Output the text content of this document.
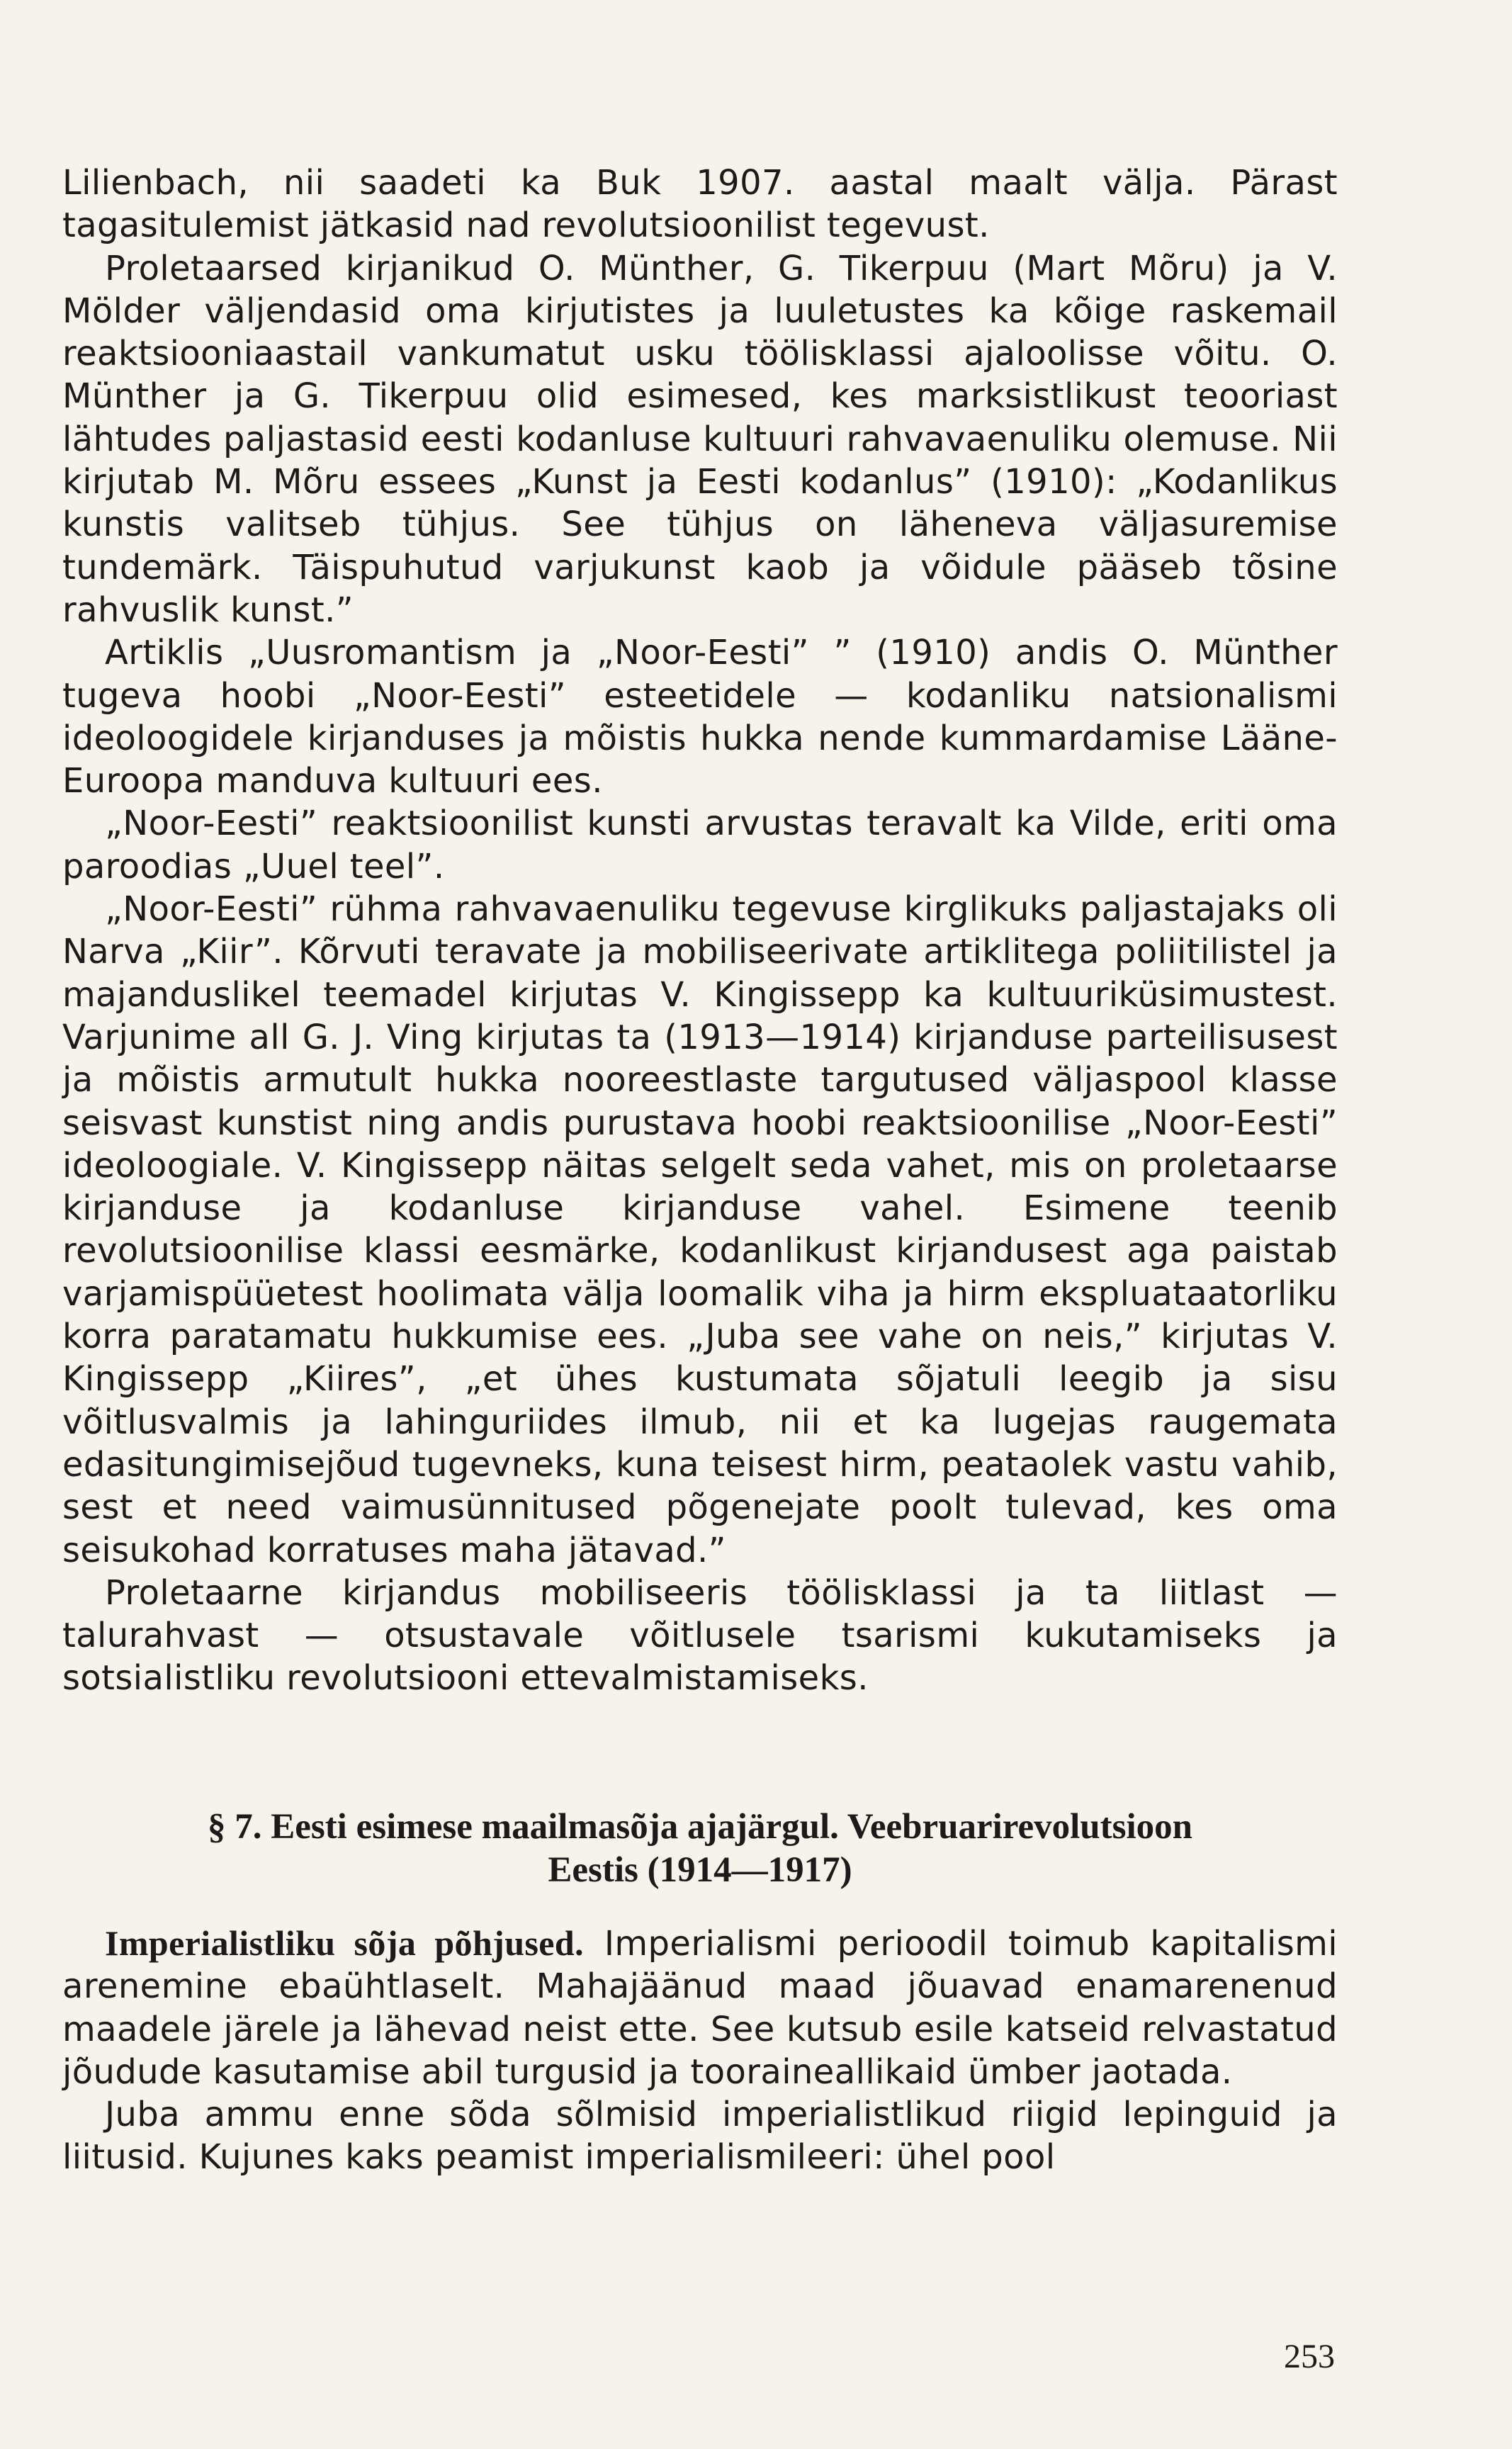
Lilienbach, nii saadeti ka Buk 1907. aastal maalt välja. Pärast tagasitulemist jätkasid nad revolutsioonilist tegevust.

Proletaarsed kirjanikud O. Münther, G. Tikerpuu (Mart Mõru) ja V. Mölder väljendasid oma kirjutistes ja luuletustes ka kõige raskemail reaktsiooniaastail vankumatut usku töölisklassi ajaloolisse võitu. O. Münther ja G. Tikerpuu olid esimesed, kes marksistlikust teooriast lähtudes paljastasid eesti kodanluse kultuuri rahvavaenuliku olemuse. Nii kirjutab M. Mõru essees „Kunst ja Eesti kodanlus” (1910): „Kodanlikus kunstis valitseb tühjus. See tühjus on läheneva väljasuremise tundemärk. Täispuhutud varjukunst kaob ja võidule pääseb tõsine rahvuslik kunst.”

Artiklis „Uusromantism ja „Noor-Eesti” ” (1910) andis O. Münther tugeva hoobi „Noor-Eesti” esteetidele — kodanliku natsionalismi ideoloogidele kirjanduses ja mõistis hukka nende kummardamise Lääne-Euroopa manduva kultuuri ees.

„Noor-Eesti” reaktsioonilist kunsti arvustas teravalt ka Vilde, eriti oma paroodias „Uuel teel”.

„Noor-Eesti” rühma rahvavaenuliku tegevuse kirglikuks paljastajaks oli Narva „Kiir”. Kõrvuti teravate ja mobiliseerivate artiklitega poliitilistel ja majanduslikel teemadel kirjutas V. Kingissepp ka kultuuriküsimustest. Varjunime all G. J. Ving kirjutas ta (1913—1914) kirjanduse parteilisusest ja mõistis armutult hukka nooreestlaste targutused väljaspool klasse seisvast kunstist ning andis purustava hoobi reaktsioonilise „Noor-Eesti” ideoloogiale. V. Kingissepp näitas selgelt seda vahet, mis on proletaarse kirjanduse ja kodanluse kirjanduse vahel. Esimene teenib revolutsioonilise klassi eesmärke, kodanlikust kirjandusest aga paistab varjamispüüetest hoolimata välja loomalik viha ja hirm ekspluataatorliku korra paratamatu hukkumise ees. „Juba see vahe on neis,” kirjutas V. Kingissepp „Kiires”, „et ühes kustumata sõjatuli leegib ja sisu võitlusvalmis ja lahinguriides ilmub, nii et ka lugejas raugemata edasitungimisejõud tugevneks, kuna teisest hirm, peataolek vastu vahib, sest et need vaimusünnitused põgenejate poolt tulevad, kes oma seisukohad korratuses maha jätavad.”

Proletaarne kirjandus mobiliseeris töölisklassi ja ta liitlast — talurahvast — otsustavale võitlusele tsarismi kukutamiseks ja sotsialistliku revolutsiooni ettevalmistamiseks.

§ 7. Eesti esimese maailmasõja ajajärgul. Veebruarirevolutsioon
Eestis (1914—1917)

Imperialistliku sõja põhjused. Imperialismi perioodil toimub kapitalismi arenemine ebaühtlaselt. Mahajäänud maad jõuavad enamarenenud maadele järele ja lähevad neist ette. See kutsub esile katseid relvastatud jõudude kasutamise abil turgusid ja tooraineallikaid ümber jaotada.

Juba ammu enne sõda sõlmisid imperialistlikud riigid lepinguid ja liitusid. Kujunes kaks peamist imperialismileeri: ühel pool

253
